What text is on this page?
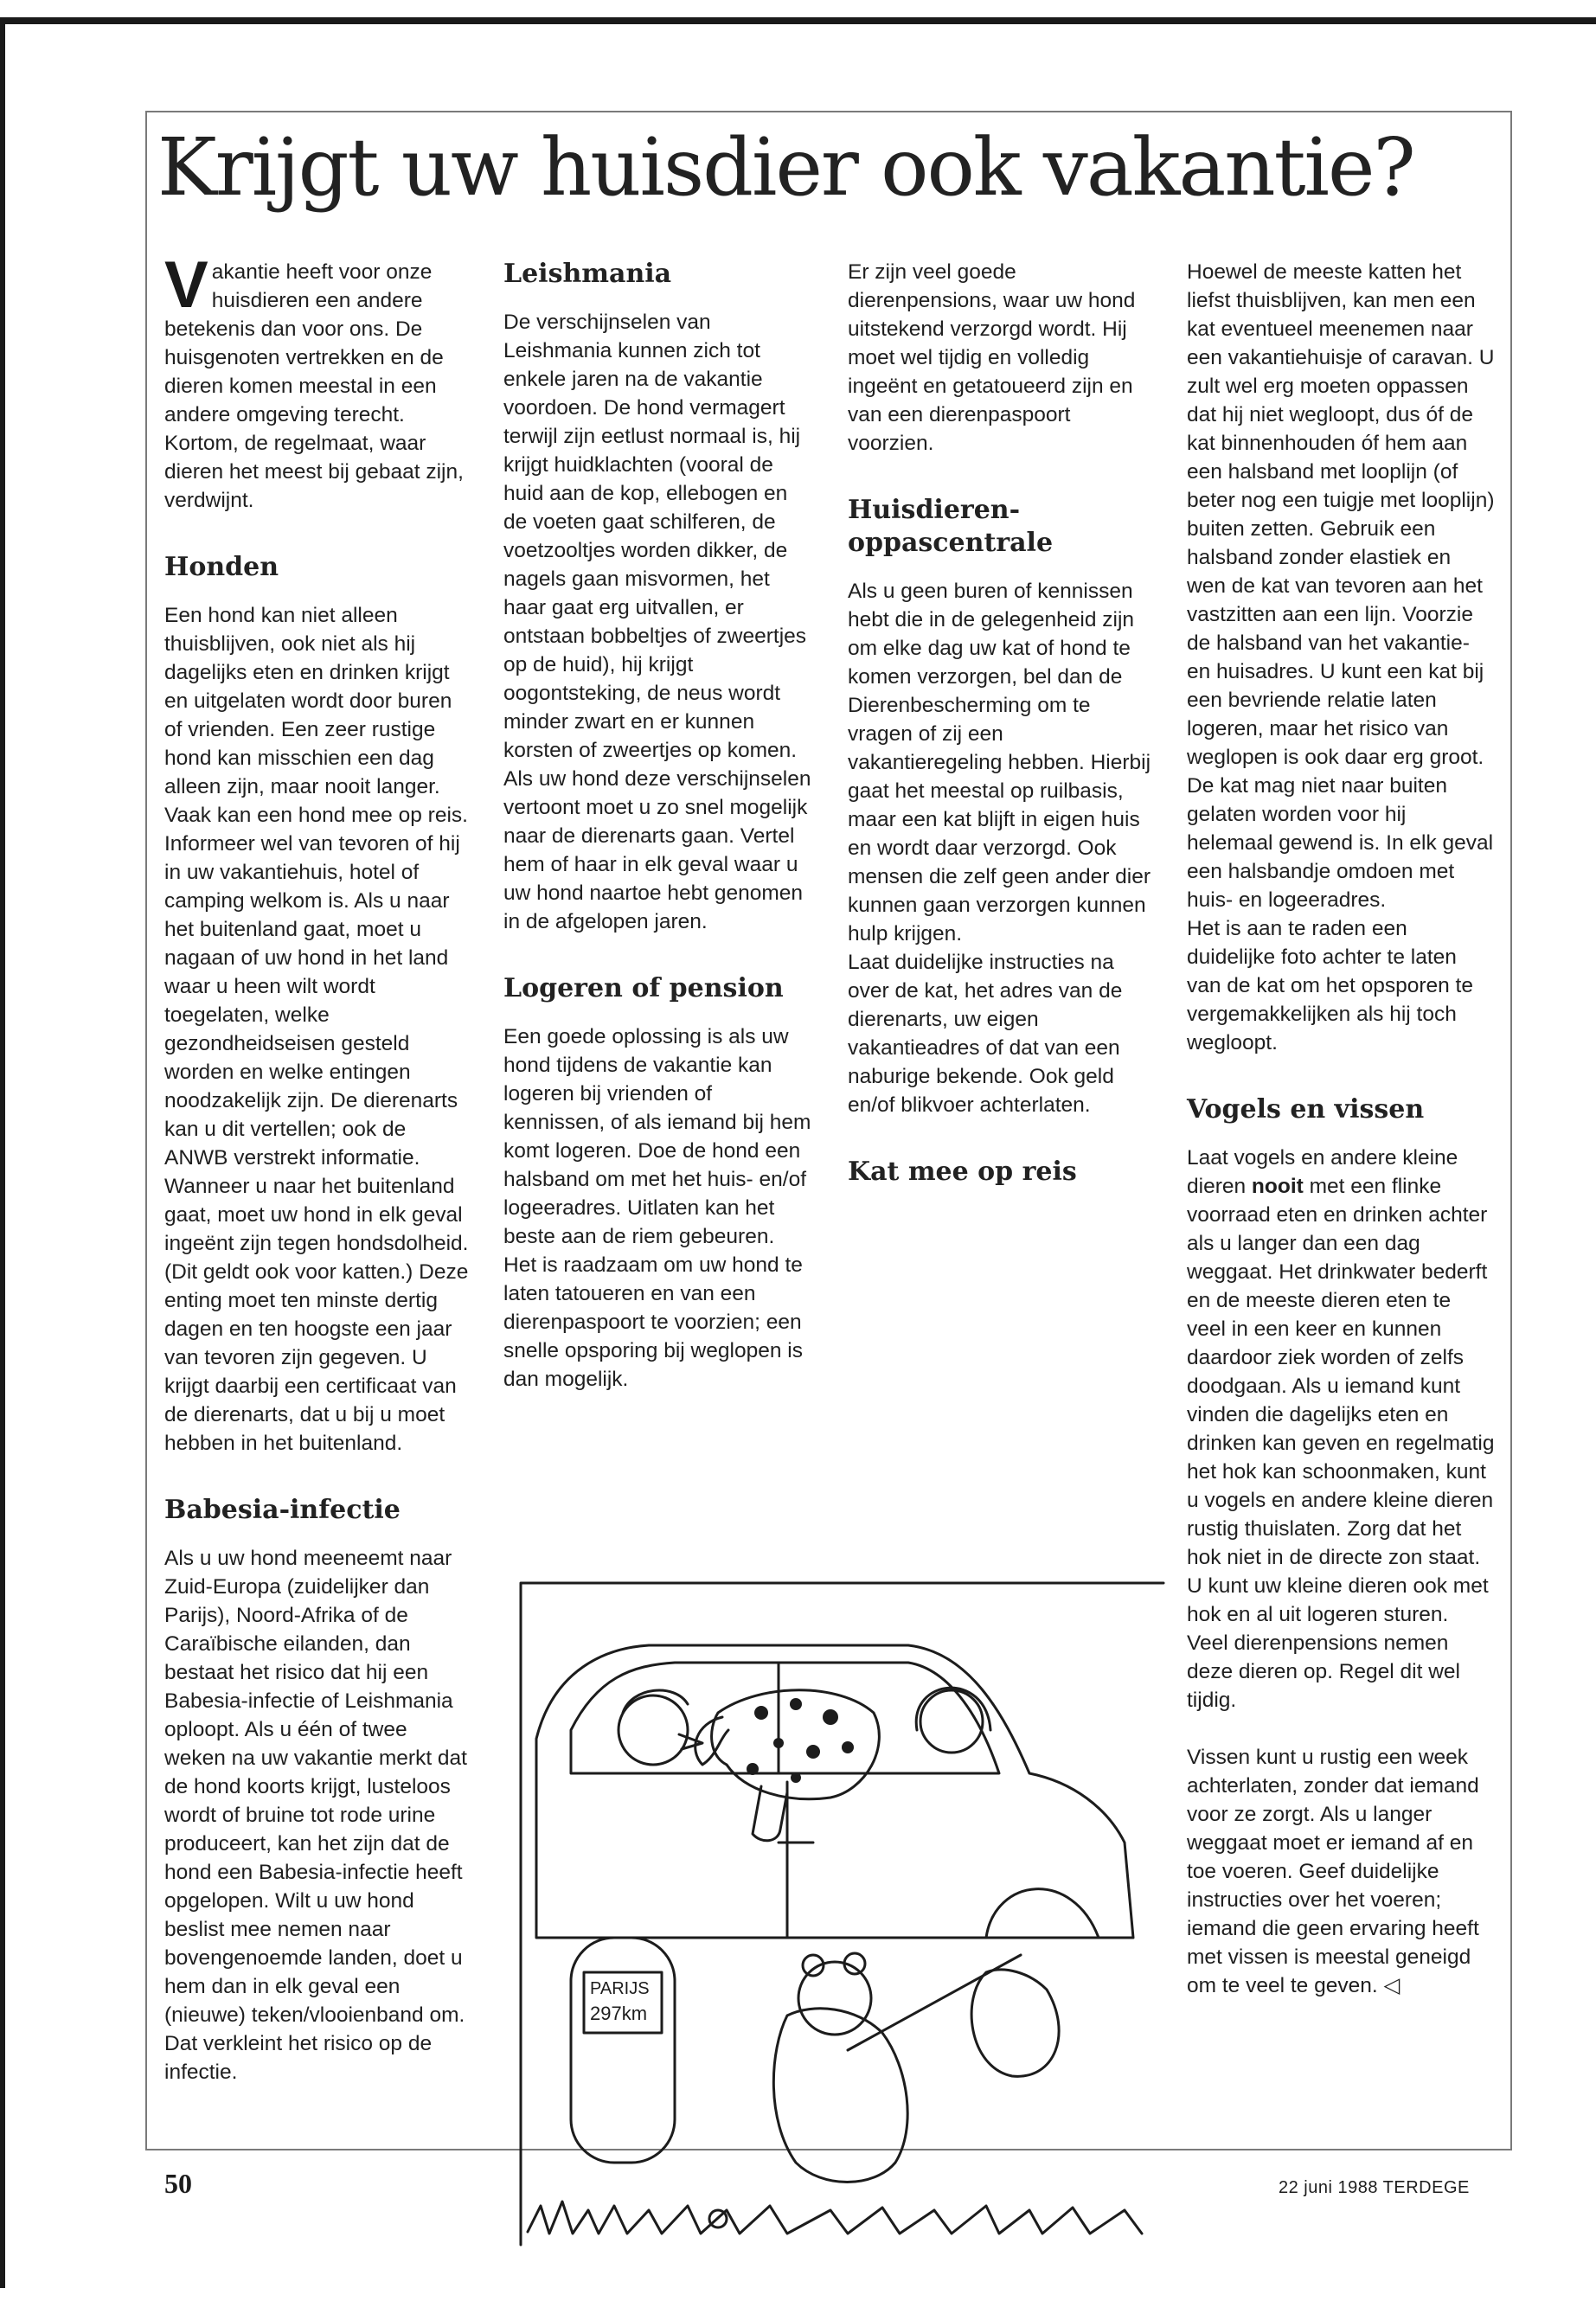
Krijgt uw huisdier ook vakantie?

Vakantie heeft voor onze huisdieren een andere betekenis dan voor ons. De huisgenoten vertrekken en de dieren komen meestal in een andere omgeving terecht. Kortom, de regelmaat, waar dieren het meest bij gebaat zijn, verdwijnt.

Honden

Een hond kan niet alleen thuisblijven, ook niet als hij dagelijks eten en drinken krijgt en uitgelaten wordt door buren of vrienden. Een zeer rustige hond kan misschien een dag alleen zijn, maar nooit langer. Vaak kan een hond mee op reis. Informeer wel van tevoren of hij in uw vakantiehuis, hotel of camping welkom is. Als u naar het buitenland gaat, moet u nagaan of uw hond in het land waar u heen wilt wordt toegelaten, welke gezondheidseisen gesteld worden en welke entingen noodzakelijk zijn. De dierenarts kan u dit vertellen; ook de ANWB verstrekt informatie. Wanneer u naar het buitenland gaat, moet uw hond in elk geval ingeënt zijn tegen hondsdolheid. (Dit geldt ook voor katten.) Deze enting moet ten minste dertig dagen en ten hoogste een jaar van tevoren zijn gegeven. U krijgt daarbij een certificaat van de dierenarts, dat u bij u moet hebben in het buitenland.

Babesia-infectie

Als u uw hond meeneemt naar Zuid-Europa (zuidelijker dan Parijs), Noord-Afrika of de Caraïbische eilanden, dan bestaat het risico dat hij een Babesia-infectie of Leishmania oploopt. Als u één of twee weken na uw vakantie merkt dat de hond koorts krijgt, lusteloos wordt of bruine tot rode urine produceert, kan het zijn dat de hond een Babesia-infectie heeft opgelopen. Wilt u uw hond beslist mee nemen naar bovengenoemde landen, doet u hem dan in elk geval een (nieuwe) teken/vlooienband om. Dat verkleint het risico op de infectie.

Leishmania

De verschijnselen van Leishmania kunnen zich tot enkele jaren na de vakantie voordoen. De hond vermagert terwijl zijn eetlust normaal is, hij krijgt huidklachten (vooral de huid aan de kop, ellebogen en de voeten gaat schilferen, de voetzooltjes worden dikker, de nagels gaan misvormen, het haar gaat erg uitvallen, er ontstaan bobbeltjes of zweertjes op de huid), hij krijgt oogontsteking, de neus wordt minder zwart en er kunnen korsten of zweertjes op komen. Als uw hond deze verschijnselen vertoont moet u zo snel mogelijk naar de dierenarts gaan. Vertel hem of haar in elk geval waar u uw hond naartoe hebt genomen in de afgelopen jaren.

Logeren of pension

Een goede oplossing is als uw hond tijdens de vakantie kan logeren bij vrienden of kennissen, of als iemand bij hem komt logeren. Doe de hond een halsband om met het huis- en/of logeeradres. Uitlaten kan het beste aan de riem gebeuren. Het is raadzaam om uw hond te laten tatoueren en van een dierenpaspoort te voorzien; een snelle opsporing bij weglopen is dan mogelijk.

Er zijn veel goede dierenpensions, waar uw hond uitstekend verzorgd wordt. Hij moet wel tijdig en volledig ingeënt en getatoueerd zijn en van een dierenpaspoort voorzien.

Huisdieren-oppascentrale

Als u geen buren of kennissen hebt die in de gelegenheid zijn om elke dag uw kat of hond te komen verzorgen, bel dan de Dierenbescherming om te vragen of zij een vakantieregeling hebben. Hierbij gaat het meestal op ruilbasis, maar een kat blijft in eigen huis en wordt daar verzorgd. Ook mensen die zelf geen ander dier kunnen gaan verzorgen kunnen hulp krijgen.

Laat duidelijke instructies na over de kat, het adres van de dierenarts, uw eigen vakantieadres of dat van een naburige bekende. Ook geld en/of blikvoer achterlaten.

Kat mee op reis

Hoewel de meeste katten het liefst thuisblijven, kan men een kat eventueel meenemen naar een vakantiehuisje of caravan. U zult wel erg moeten oppassen dat hij niet wegloopt, dus óf de kat binnenhouden óf hem aan een halsband met looplijn (of beter nog een tuigje met looplijn) buiten zetten. Gebruik een halsband zonder elastiek en wen de kat van tevoren aan het vastzitten aan een lijn. Voorzie de halsband van het vakantie- en huisadres. U kunt een kat bij een bevriende relatie laten logeren, maar het risico van weglopen is ook daar erg groot. De kat mag niet naar buiten gelaten worden voor hij helemaal gewend is. In elk geval een halsbandje omdoen met huis- en logeeradres.

Het is aan te raden een duidelijke foto achter te laten van de kat om het opsporen te vergemakkelijken als hij toch wegloopt.

Vogels en vissen

Laat vogels en andere kleine dieren nooit met een flinke voorraad eten en drinken achter als u langer dan een dag weggaat. Het drinkwater bederft en de meeste dieren eten te veel in een keer en kunnen daardoor ziek worden of zelfs doodgaan. Als u iemand kunt vinden die dagelijks eten en drinken kan geven en regelmatig het hok kan schoonmaken, kunt u vogels en andere kleine dieren rustig thuislaten. Zorg dat het hok niet in de directe zon staat. U kunt uw kleine dieren ook met hok en al uit logeren sturen. Veel dierenpensions nemen deze dieren op. Regel dit wel tijdig.

Vissen kunt u rustig een week achterlaten, zonder dat iemand voor ze zorgt. Als u langer weggaat moet er iemand af en toe voeren. Geef duidelijke instructies over het voeren; iemand die geen ervaring heeft met vissen is meestal geneigd om te veel te geven. ◁

PARIJS
297km

50	22 juni 1988 TERDEGE
